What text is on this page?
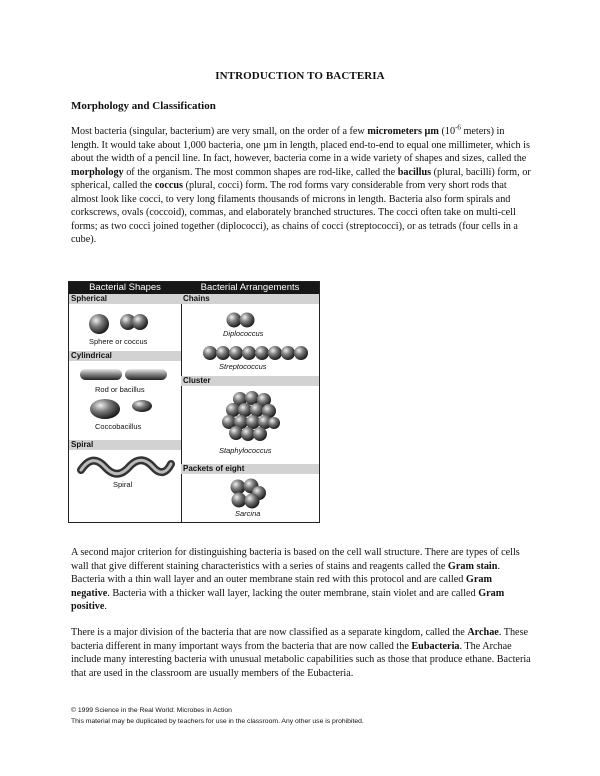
INTRODUCTION TO BACTERIA
Morphology and Classification

Most bacteria (singular, bacterium) are very small, on the order of a few micrometers µm ($10^{-6}$ meters) in length. It would take about 1,000 bacteria, one µm in length, placed end-to-end to equal one millimeter, which is about the width of a pencil line. In fact, however, bacteria come in a wide variety of shapes and sizes, called the morphology of the organism. The most common shapes are rod-like, called the bacillus (plural, bacilli) form, or spherical, called the coccus (plural, cocci) form. The rod forms vary considerable from very short rods that almost look like cocci, to very long filaments thousands of microns in length. Bacteria also form spirals and corkscrews, ovals (coccoid), commas, and elaborately branched structures. The cocci often take on multi-cell forms; as two cocci joined together (diplococci), as chains of cocci (streptococci), or as tetrads (four cells in a cube).

Bacterial Shapes
Spherical
Sphere or coccus
Cylindrical
Rod or bacillus
Coccobacillus
Spiral
Spiral
Bacterial Arrangements
Chains
Diplococcus
Streptococcus
Cluster
Staphylococcus
Packets of eight
Sarcina

A second major criterion for distinguishing bacteria is based on the cell wall structure. There are types of cells wall that give different staining characteristics with a series of stains and reagents called the Gram stain. Bacteria with a thin wall layer and an outer membrane stain red with this protocol and are called Gram negative. Bacteria with a thicker wall layer, lacking the outer membrane, stain violet and are called Gram positive.

There is a major division of the bacteria that are now classified as a separate kingdom, called the Archae. These bacteria different in many important ways from the bacteria that are now called the Eubacteria. The Archae include many interesting bacteria with unusual metabolic capabilities such as those that produce ethane. Bacteria that are used in the classroom are usually members of the Eubacteria.

© 1999 Science in the Real World: Microbes in Action
This material may be duplicated by teachers for use in the classroom. Any other use is prohibited.
